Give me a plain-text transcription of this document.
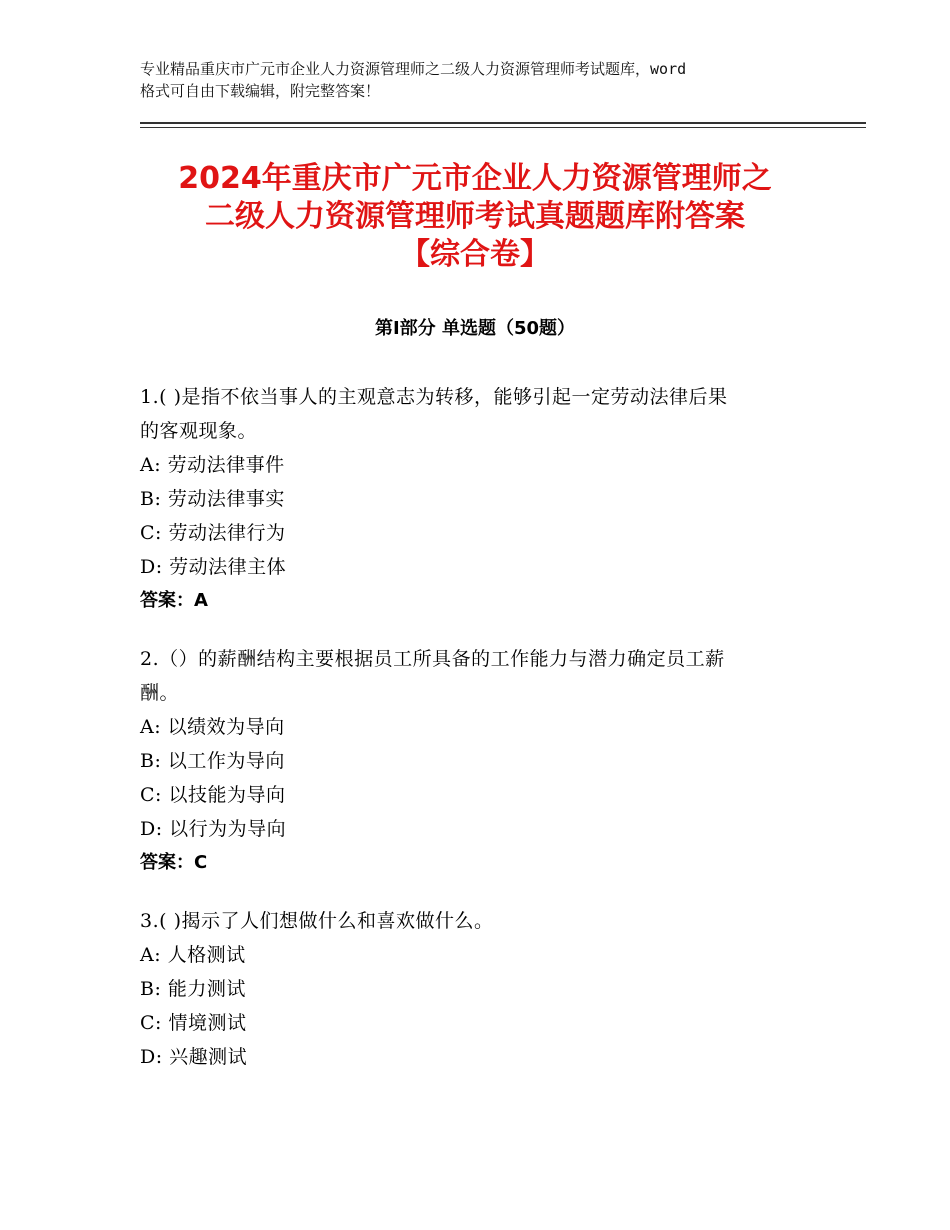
专业精品重庆市广元市企业人力资源管理师之二级人力资源管理师考试题库，word
格式可自由下载编辑，附完整答案！
2024年重庆市广元市企业人力资源管理师之
二级人力资源管理师考试真题题库附答案
【综合卷】
第Ⅰ部分 单选题（50题）
1.( )是指不依当事人的主观意志为转移，能够引起一定劳动法律后果
的客观现象。
A: 劳动法律事件
B: 劳动法律事实
C: 劳动法律行为
D: 劳动法律主体
答案：A
2.（）的薪酬结构主要根据员工所具备的工作能力与潜力确定员工薪
酬。
A: 以绩效为导向
B: 以工作为导向
C: 以技能为导向
D: 以行为为导向
答案：C
3.( )揭示了人们想做什么和喜欢做什么。
A: 人格测试
B: 能力测试
C: 情境测试
D: 兴趣测试
